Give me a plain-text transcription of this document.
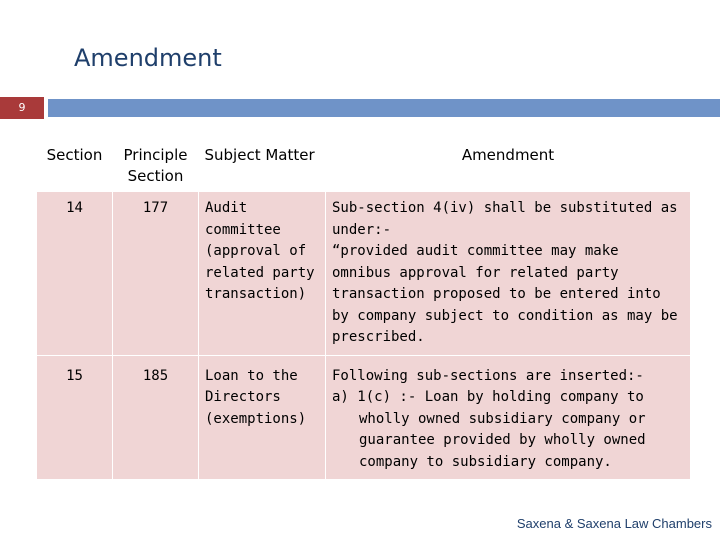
Amendment
9
Section	Principle Section	Subject Matter	Amendment
14	177	Audit committee (approval of related party transaction)	Sub-section 4(iv) shall be substituted as under:-
“provided audit committee may make omnibus approval for related party transaction proposed to be entered into by company subject to condition as may be prescribed.

15	185	Loan to the Directors (exemptions)	Following sub-sections are inserted:-
a) 1(c) :- Loan by holding company to wholly owned subsidiary company or guarantee provided by wholly owned company to subsidiary company.
Saxena & Saxena Law Chambers
